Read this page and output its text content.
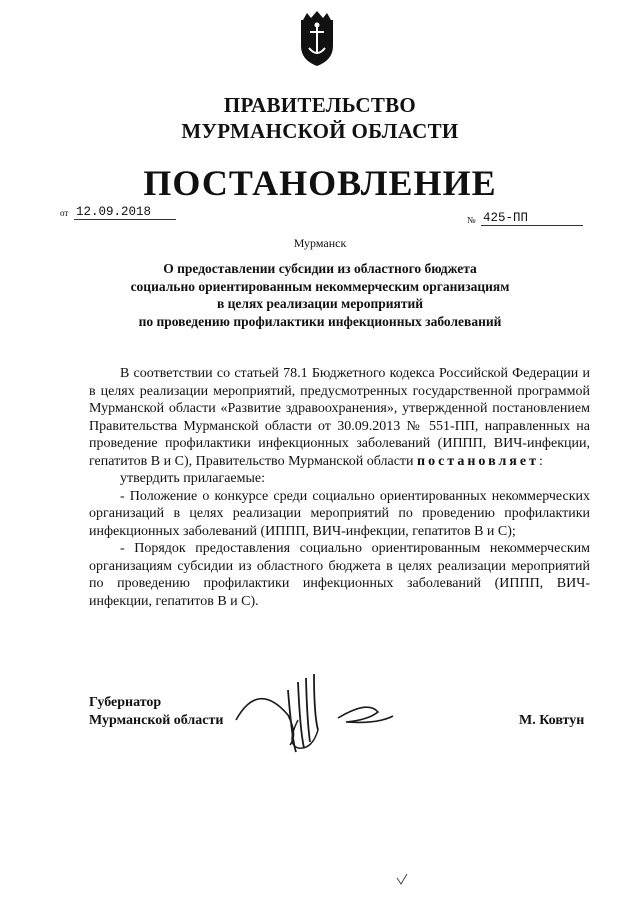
ПРАВИТЕЛЬСТВО
МУРМАНСКОЙ ОБЛАСТИ
ПОСТАНОВЛЕНИЕ
от 12.09.2018
№ 425-ПП
Мурманск
О предоставлении субсидии из областного бюджета
социально ориентированным некоммерческим организациям
в целях реализации мероприятий
по проведению профилактики инфекционных заболеваний

В соответствии со статьей 78.1 Бюджетного кодекса Российской Федерации и в целях реализации мероприятий, предусмотренных государственной программой Мурманской области «Развитие здравоохранения», утвержденной постановлением Правительства Мурманской области от 30.09.2013 № 551-ПП, направленных на проведение профилактики инфекционных заболеваний (ИППП, ВИЧ-инфекции, гепатитов В и С), Правительство Мурманской области постановляет:

утвердить прилагаемые:

- Положение о конкурсе среди социально ориентированных некоммерческих организаций в целях реализации мероприятий по проведению профилактики инфекционных заболеваний (ИППП, ВИЧ-инфекции, гепатитов В и С);

- Порядок предоставления социально ориентированным некоммерческим организациям субсидии из областного бюджета в целях реализации мероприятий по проведению профилактики инфекционных заболеваний (ИППП, ВИЧ-инфекции, гепатитов В и С).

Губернатор
Мурманской области	М. Ковтун
